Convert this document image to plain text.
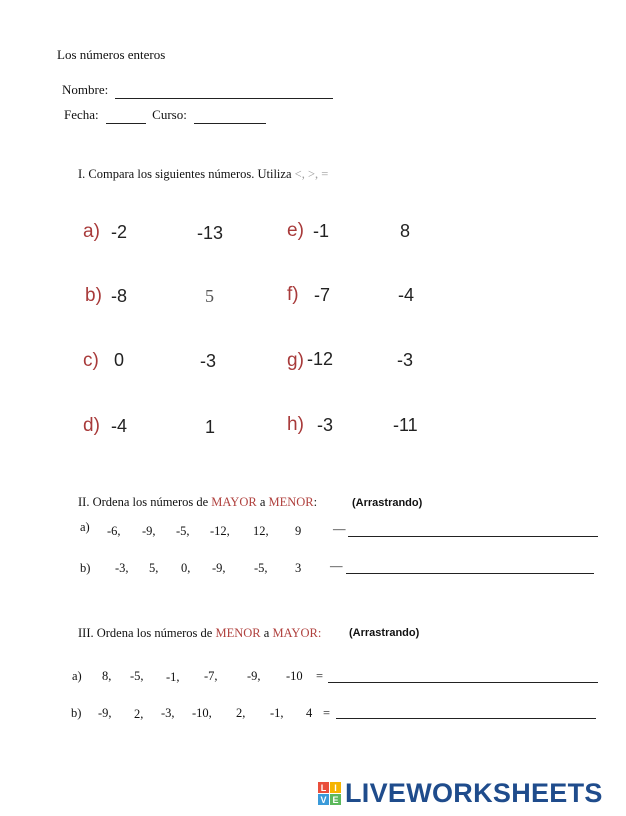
Los números enteros
Nombre:
Fecha:	Curso:
I. Compara los siguientes números. Utiliza <, >, =
a) -2	-13
b) -8	5
c) 0	-3
d) -4	1
e) -1	8
f) -7	-4
g) -12	-3
h) -3	-11
II. Ordena los números de MAYOR a MENOR:	(Arrastrando)
a) -6, -9, -5, -12, 12, 9	—
b) -3, 5, 0, -9, -5, 3 —
III. Ordena los números de MENOR a MAYOR:	(Arrastrando)
a) 8, -5, -1, -7, -9, -10 =
b) -9, 2, -3, -10, 2, -1, 4 =
L I
V E LIVEWORKSHEETS
